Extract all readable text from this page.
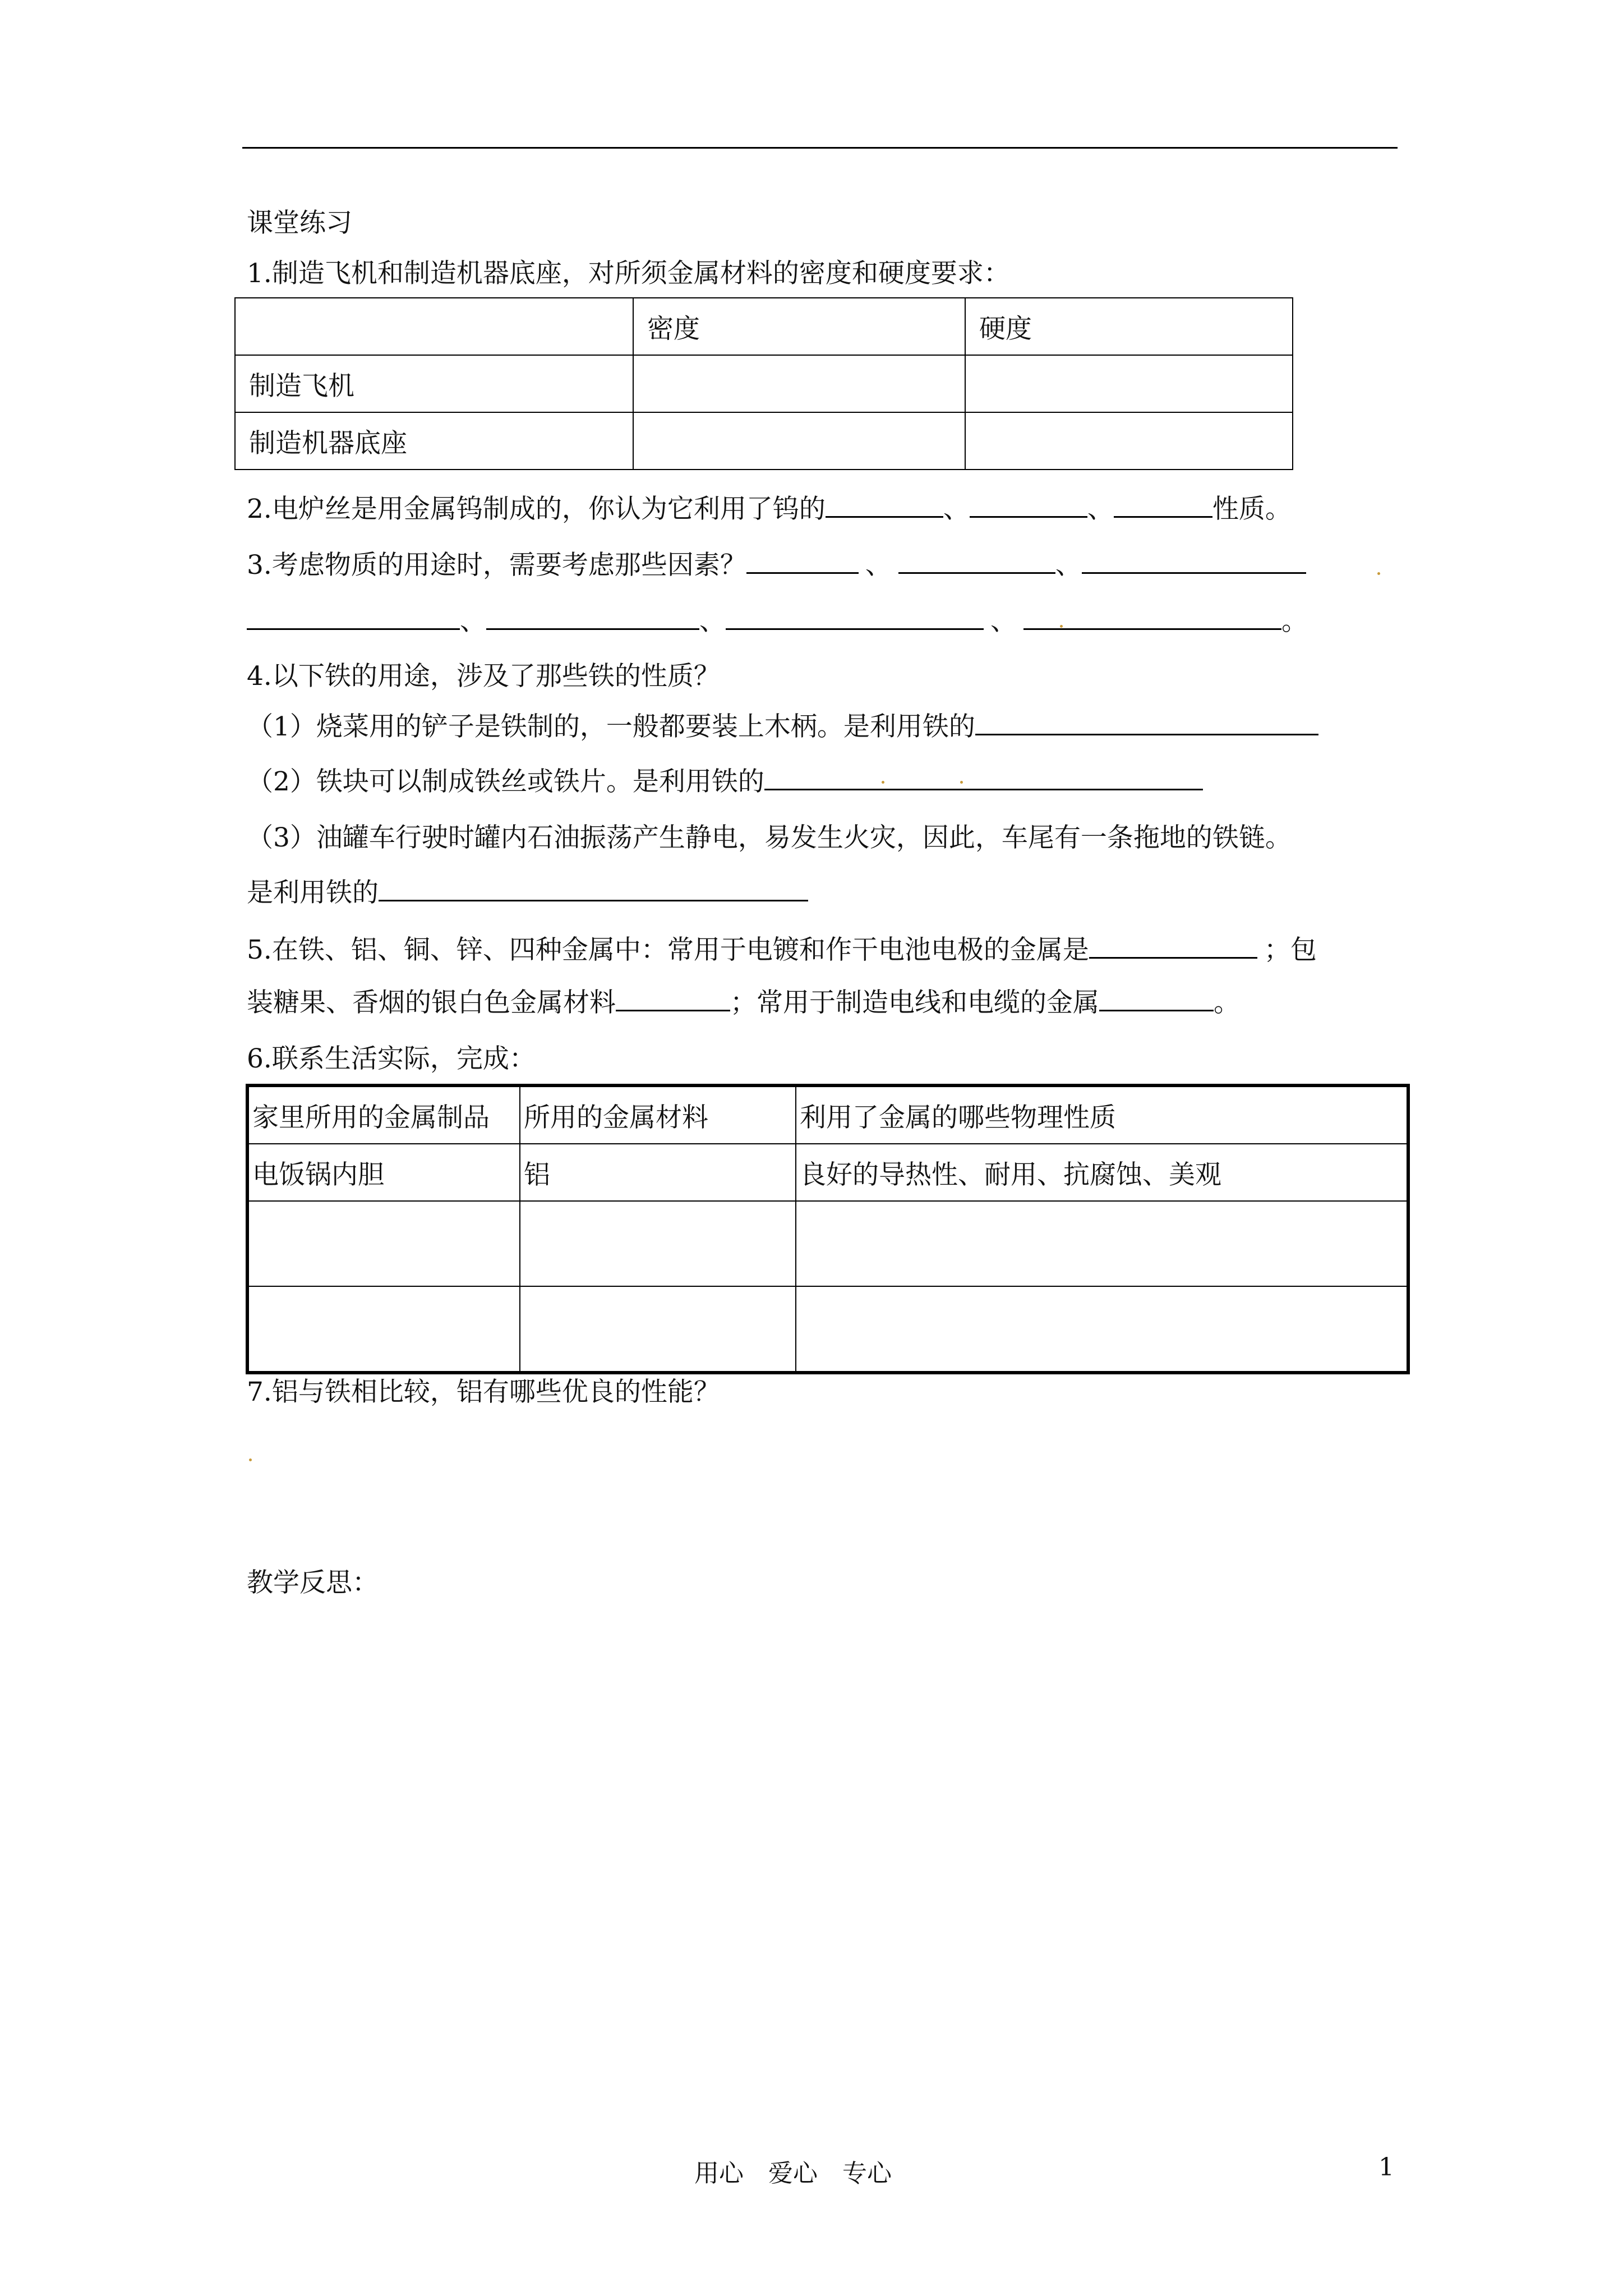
课堂练习
1.制造飞机和制造机器底座，对所须金属材料的密度和硬度要求：
	密度	硬度
制造飞机		
制造机器底座		
2.电炉丝是用金属钨制成的，你认为它利用了钨的	、	、	性质。
3.考虑物质的用途时，需要考虑那些因素？	、	、
、	、	、	。
4.以下铁的用途，涉及了那些铁的性质？
（1）烧菜用的铲子是铁制的，一般都要装上木柄。是利用铁的
（2）铁块可以制成铁丝或铁片。是利用铁的
（3）油罐车行驶时罐内石油振荡产生静电，易发生火灾，因此，车尾有一条拖地的铁链。
是利用铁的
5.在铁、铝、铜、锌、四种金属中：常用于电镀和作干电池电极的金属是	；包
装糖果、香烟的银白色金属材料	；常用于制造电线和电缆的金属	。
6.联系生活实际，完成：
家里所用的金属制品	所用的金属材料	利用了金属的哪些物理性质
电饭锅内胆	铝	良好的导热性、耐用、抗腐蚀、美观

7.铝与铁相比较，铝有哪些优良的性能？
教学反思：
用心　爱心　专心	1
